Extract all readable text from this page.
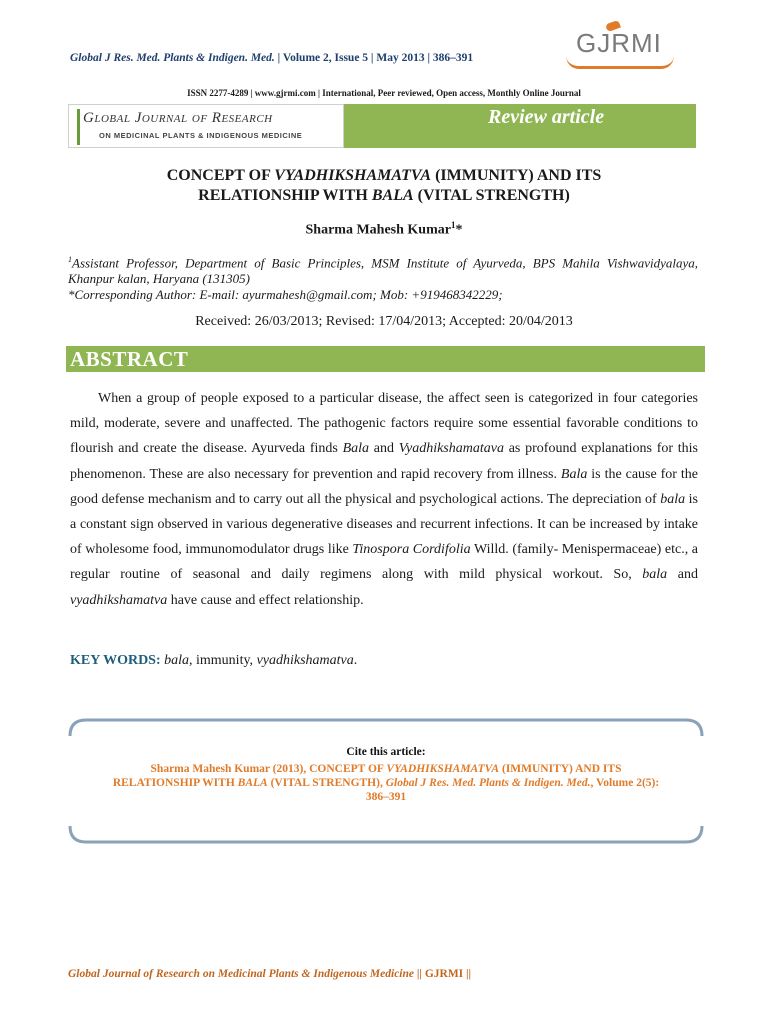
Global J Res. Med. Plants & Indigen. Med. | Volume 2, Issue 5 | May 2013 | 386–391	GJRMI
ISSN 2277-4289 | www.gjrmi.com | International, Peer reviewed, Open access, Monthly Online Journal
Global Journal of Research
ON MEDICINAL PLANTS & INDIGENOUS MEDICINE
Review article
CONCEPT OF VYADHIKSHAMATVA (IMMUNITY) AND ITS
RELATIONSHIP WITH BALA (VITAL STRENGTH)
Sharma Mahesh Kumar$^1$*
$^1$Assistant Professor, Department of Basic Principles, MSM Institute of Ayurveda, BPS Mahila Vishwavidyalaya, Khanpur kalan, Haryana (131305)
*Corresponding Author: E-mail: ayurmahesh@gmail.com; Mob: +919468342229;
Received: 26/03/2013; Revised: 17/04/2013; Accepted: 20/04/2013
ABSTRACT

When a group of people exposed to a particular disease, the affect seen is categorized in four categories mild, moderate, severe and unaffected. The pathogenic factors require some essential favorable conditions to flourish and create the disease. Ayurveda finds Bala and Vyadhikshamatava as profound explanations for this phenomenon. These are also necessary for prevention and rapid recovery from illness. Bala is the cause for the good defense mechanism and to carry out all the physical and psychological actions. The depreciation of bala is a constant sign observed in various degenerative diseases and recurrent infections. It can be increased by intake of wholesome food, immunomodulator drugs like Tinospora Cordifolia Willd. (family- Menispermaceae) etc., a regular routine of seasonal and daily regimens along with mild physical workout. So, bala and vyadhikshamatva have cause and effect relationship.

KEY WORDS: bala, immunity, vyadhikshamatva.
Cite this article:
Sharma Mahesh Kumar (2013), CONCEPT OF VYADHIKSHAMATVA (IMMUNITY) AND ITS RELATIONSHIP WITH BALA (VITAL STRENGTH), Global J Res. Med. Plants & Indigen. Med., Volume 2(5): 386–391
Global Journal of Research on Medicinal Plants & Indigenous Medicine || GJRMI ||
